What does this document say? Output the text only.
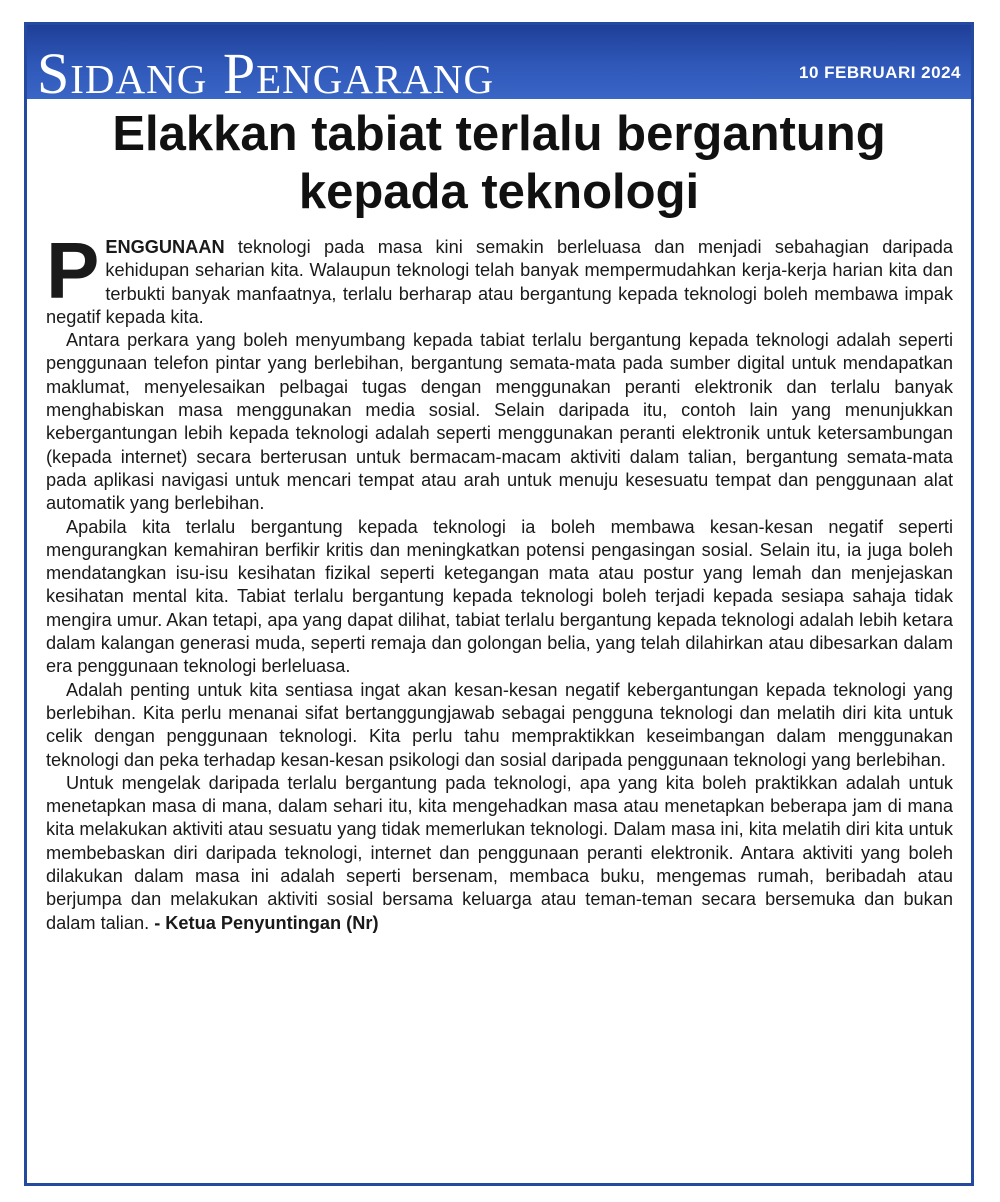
Sidang Pengarang	10 FEBRUARI 2024
Elakkan tabiat terlalu bergantung kepada teknologi

PENGGUNAAN teknologi pada masa kini semakin berleluasa dan menjadi sebahagian daripada kehidupan seharian kita. Walaupun teknologi telah banyak mempermudahkan kerja-kerja harian kita dan terbukti banyak manfaatnya, terlalu berharap atau bergantung kepada teknologi boleh membawa impak negatif kepada kita.

Antara perkara yang boleh menyumbang kepada tabiat terlalu bergantung kepada teknologi adalah seperti penggunaan telefon pintar yang berlebihan, bergantung semata-mata pada sumber digital untuk mendapatkan maklumat, menyelesaikan pelbagai tugas dengan menggunakan peranti elektronik dan terlalu banyak menghabiskan masa menggunakan media sosial. Selain daripada itu, contoh lain yang menunjukkan kebergantungan lebih kepada teknologi adalah seperti menggunakan peranti elektronik untuk ketersambungan (kepada internet) secara berterusan untuk bermacam-macam aktiviti dalam talian, bergantung semata-mata pada aplikasi navigasi untuk mencari tempat atau arah untuk menuju kesesuatu tempat dan penggunaan alat automatik yang berlebihan.

Apabila kita terlalu bergantung kepada teknologi ia boleh membawa kesan-kesan negatif seperti mengurangkan kemahiran berfikir kritis dan meningkatkan potensi pengasingan sosial. Selain itu, ia juga boleh mendatangkan isu-isu kesihatan fizikal seperti ketegangan mata atau postur yang lemah dan menjejaskan kesihatan mental kita. Tabiat terlalu bergantung kepada teknologi boleh terjadi kepada sesiapa sahaja tidak mengira umur. Akan tetapi, apa yang dapat dilihat, tabiat terlalu bergantung kepada teknologi adalah lebih ketara dalam kalangan generasi muda, seperti remaja dan golongan belia, yang telah dilahirkan atau dibesarkan dalam era penggunaan teknologi berleluasa.

Adalah penting untuk kita sentiasa ingat akan kesan-kesan negatif kebergantungan kepada teknologi yang berlebihan. Kita perlu menanai sifat bertanggungjawab sebagai pengguna teknologi dan melatih diri kita untuk celik dengan penggunaan teknologi. Kita perlu tahu mempraktikkan keseimbangan dalam menggunakan teknologi dan peka terhadap kesan-kesan psikologi dan sosial daripada penggunaan teknologi yang berlebihan.

Untuk mengelak daripada terlalu bergantung pada teknologi, apa yang kita boleh praktikkan adalah untuk menetapkan masa di mana, dalam sehari itu, kita mengehadkan masa atau menetapkan beberapa jam di mana kita melakukan aktiviti atau sesuatu yang tidak memerlukan teknologi. Dalam masa ini, kita melatih diri kita untuk membebaskan diri daripada teknologi, internet dan penggunaan peranti elektronik. Antara aktiviti yang boleh dilakukan dalam masa ini adalah seperti bersenam, membaca buku, mengemas rumah, beribadah atau berjumpa dan melakukan aktiviti sosial bersama keluarga atau teman-teman secara bersemuka dan bukan dalam talian. - Ketua Penyuntingan (Nr)
